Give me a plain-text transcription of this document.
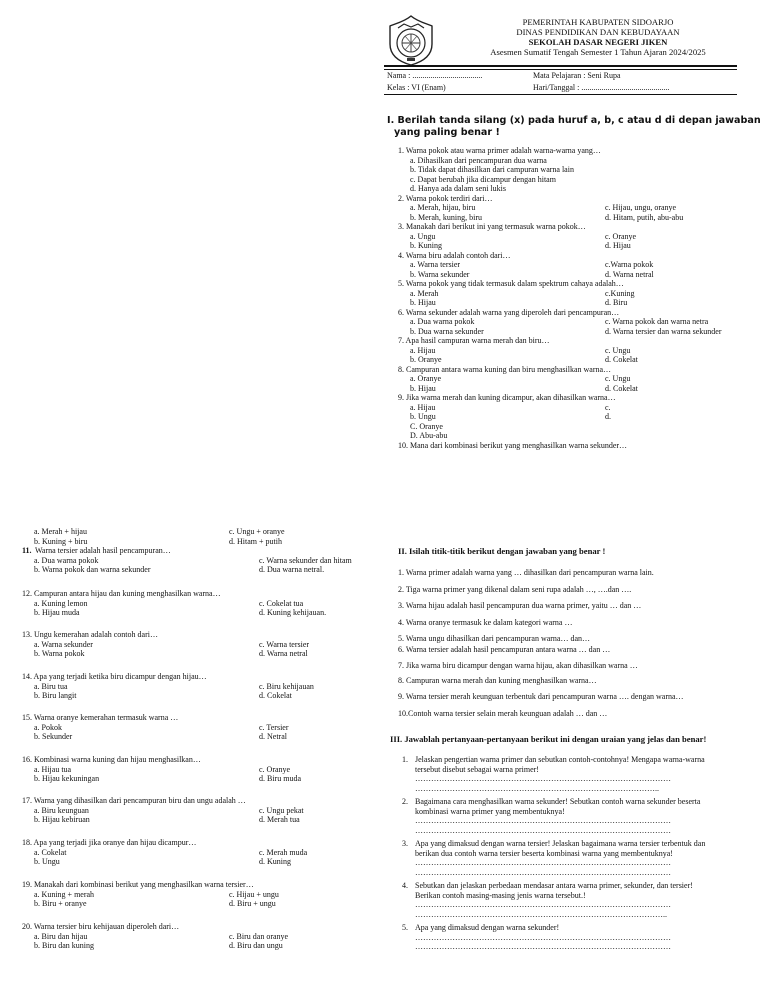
PEMERINTAH KABUPATEN SIDOARJO
DINAS PENDIDIKAN DAN KEBUDAYAAN
SEKOLAH DASAR NEGERI JIKEN
Asesmen Sumatif Tengah Semester 1 Tahun Ajaran 2024/2025
Nama : ...................................
Kelas : VI (Enam)
Mata Pelajaran : Seni Rupa
Hari/Tanggal : ............................................
I. Berilah tanda silang (x) pada huruf a, b, c atau d di depan jawaban
yang paling benar !
1. Warna pokok atau warna primer adalah warna-warna yang…
a. Dihasilkan dari pencampuran dua warna
b. Tidak dapat dihasilkan dari campuran warna lain
c. Dapat berubah jika dicampur dengan hitam
d. Hanya ada dalam seni lukis
2. Warna pokok terdiri dari…
a. Merah, hijau, biru	c. Hijau, ungu, oranye
b. Merah, kuning, biru	d. Hitam, putih, abu-abu
3. Manakah dari berikut ini yang termasuk warna pokok…
a. Ungu	c. Oranye
b. Kuning	d. Hijau
4. Warna biru adalah contoh dari…
a. Warna tersier	c.Warna pokok
b. Warna sekunder	d. Warna netral
5. Warna pokok yang tidak termasuk dalam spektrum cahaya adalah…
a. Merah	c.Kuning
b. Hijau	d. Biru
6. Warna sekunder adalah warna yang diperoleh dari pencampuran…
a. Dua warna pokok	c. Warna pokok dan warna netra
b. Dua warna sekunder	d. Warna tersier dan warna sekunder
7. Apa hasil campuran warna merah dan biru…
a. Hijau	c. Ungu
b. Oranye	d. Cokelat
8. Campuran antara warna kuning dan biru menghasilkan warna…
a. Oranye	c. Ungu
b. Hijau	d. Cokelat
9. Jika warna merah dan kuning dicampur, akan dihasilkan warna…
a. Hijau	c.
b. Ungu	d.
C. Oranye
D. Abu-abu
10. Mana dari kombinasi berikut yang menghasilkan warna sekunder…
a. Merah + hijau	c. Ungu + oranye
b. Kuning + biru	d. Hitam + putih
11. Warna tersier adalah hasil pencampuran…
a. Dua warna pokok	c. Warna sekunder dan hitam
b. Warna pokok dan warna sekunder	d. Dua warna netral.
12. Campuran antara hijau dan kuning menghasilkan warna…
a. Kuning lemon	c. Cokelat tua
b. Hijau muda	d. Kuning kehijauan.
13. Ungu kemerahan adalah contoh dari…
a. Warna sekunder	c. Warna tersier
b. Warna pokok	d. Warna netral
14. Apa yang terjadi ketika biru dicampur dengan hijau…
a. Biru tua	c. Biru kehijauan
b. Biru langit	d. Cokelat
15. Warna oranye kemerahan termasuk warna …
a. Pokok	c. Tersier
b. Sekunder	d. Netral
16. Kombinasi warna kuning dan hijau menghasilkan…
a. Hijau tua	c. Oranye
b. Hijau kekuningan	d. Biru muda
17. Warna yang dihasilkan dari pencampuran biru dan ungu adalah …
a. Biru keunguan	c. Ungu pekat
b. Hijau kebiruan	d. Merah tua
18. Apa yang terjadi jika oranye dan hijau dicampur…
a. Cokelat	c. Merah muda
b. Ungu	d. Kuning
19. Manakah dari kombinasi berikut yang menghasilkan warna tersier…
a. Kuning + merah	c. Hijau + ungu
b. Biru + oranye	d. Biru + ungu
20. Warna tersier biru kehijauan diperoleh dari…
a. Biru dan hijau	c. Biru dan oranye
b. Biru dan kuning	d. Biru dan ungu
II. Isilah titik-titik berikut dengan jawaban yang benar !
1. Warna primer adalah warna yang … dihasilkan dari pencampuran warna lain.
2. Tiga warna primer yang dikenal dalam seni rupa adalah …, ….dan ….
3. Warna hijau adalah hasil pencampuran dua warna primer, yaitu … dan …
4. Warna oranye termasuk ke dalam kategori warna …
5. Warna ungu dihasilkan dari pencampuran warna… dan…
6. Warna tersier adalah hasil pencampuran antara warna … dan …
7. Jika warna biru dicampur dengan warna hijau, akan dihasilkan warna …
8. Campuran warna merah dan kuning menghasilkan warna…
9. Warna tersier merah keunguan terbentuk dari pencampuran warna …. dengan warna…
10.Contoh warna tersier selain merah keunguan adalah … dan …
III. Jawablah pertanyaan-pertanyaan berikut ini dengan uraian yang jelas dan benar!
1. Jelaskan pengertian warna primer dan sebutkan contoh-contohnya! Mengapa warna-warna
tersebut disebut sebagai warna primer!
……………………………………………………………………………………
………………………………………………………………………………..
2. Bagaimana cara menghasilkan warna sekunder! Sebutkan contoh warna sekunder beserta
kombinasi warna primer yang membentuknya!
……………………………………………………………………………………
……………………………………………………………………………………
3. Apa yang dimaksud dengan warna tersier! Jelaskan bagaimana warna tersier terbentuk dan
berikan dua contoh warna tersier beserta kombinasi warna yang membentuknya!
……………………………………………………………………………………
……………………………………………………………………………………
4. Sebutkan dan jelaskan perbedaan mendasar antara warna primer, sekunder, dan tersier!
Berikan contoh masing-masing jenis warna tersebut.!
……………………………………………………………………………………
…………………………………………………………………………………..
5. Apa yang dimaksud dengan warna sekunder!
……………………………………………………………………………………
……………………………………………………………………………………
